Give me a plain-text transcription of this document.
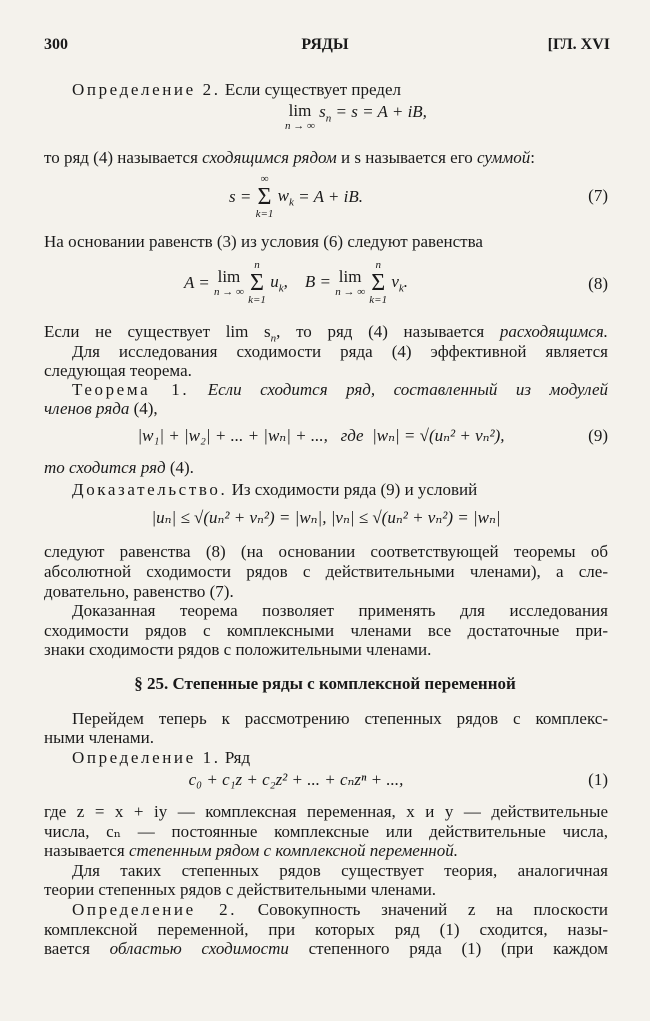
300	РЯДЫ	[ГЛ. XVI
Определение 2. Если существует предел
lim
n → ∞
$s_n = s = A$ + iB,
то ряд (4) называется сходящимся рядом и s называется его суммой:
s =
∞
Σ
k=1
$w_k = A$ + iB.	(7)
На основании равенств (3) из условия (6) следуют равенства
A = lim
n → ∞

n
Σ
k=1
$u_k$,    B = lim
n → ∞

n
Σ
k=1
$v_k$.	(8)
Если не существует $\lim s_n$, то ряд (4) называется расходящимся.
Для исследования сходимости ряда (4) эффективной является
следующая теорема.
Теорема 1. Если сходится ряд, составленный из модулей
членов ряда (4),
|w₁| + |w₂| + ... + |wₙ| + ..., где |wₙ| = √(uₙ² + vₙ²),	(9)
то сходится ряд (4).
Доказательство. Из сходимости ряда (9) и условий
|uₙ| ≤ √(uₙ² + vₙ²) = |wₙ|, |vₙ| ≤ √(uₙ² + vₙ²) = |wₙ|
следуют равенства (8) (на основании соответствующей теоремы об
абсолютной сходимости рядов с действительными членами), а сле-
довательно, равенство (7).
Доказанная теорема позволяет применять для исследования
сходимости рядов с комплексными членами все достаточные при-
знаки сходимости рядов с положительными членами.
§ 25. Степенные ряды с комплексной переменной
Перейдем теперь к рассмотрению степенных рядов с комплекс-
ными членами.
Определение 1. Ряд
c₀ + c₁z + c₂z² + ... + cₙzⁿ + ...,	(1)
где z = x + iy — комплексная переменная, x и y — действительные
числа, cₙ — постоянные комплексные или действительные числа,
называется степенным рядом с комплексной переменной.
Для таких степенных рядов существует теория, аналогичная
теории степенных рядов с действительными членами.
Определение 2. Совокупность значений z на плоскости
комплексной переменной, при которых ряд (1) сходится, назы-
вается областью сходимости степенного ряда (1) (при каждом
